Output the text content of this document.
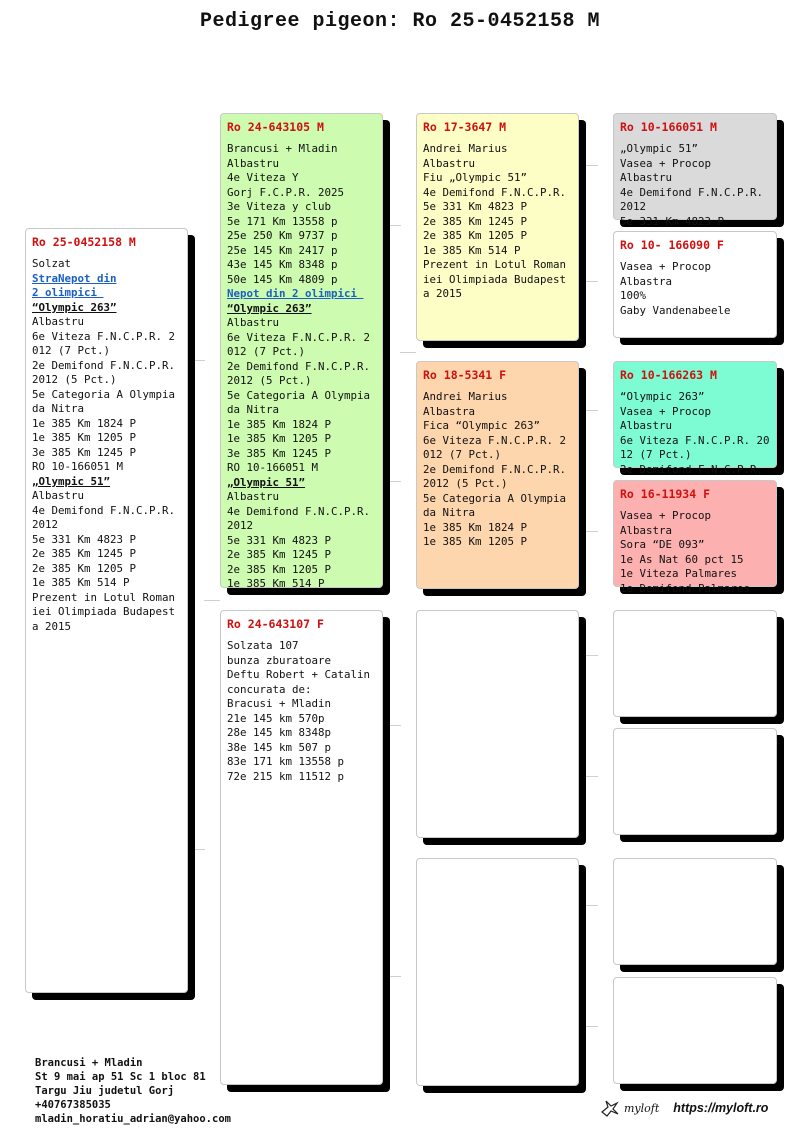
Pedigree pigeon: Ro 25-0452158 M
Ro 25-0452158 M
Solzat
StraNepot din
2 olimpici
“Olympic 263”
Albastru
6e Viteza F.N.C.P.R. 2012 (7 Pct.)
2e Demifond F.N.C.P.R. 2012 (5 Pct.)
5e Categoria A Olympiada Nitra
1e 385 Km 1824 P
1e 385 Km 1205 P
3e 385 Km 1245 P
RO 10-166051 M
„Olympic 51”
Albastru
4e Demifond F.N.C.P.R. 2012
5e 331 Km 4823 P
2e 385 Km 1245 P
2e 385 Km 1205 P
1e 385 Km 514 P
Prezent in Lotul Romaniei Olimpiada Budapesta 2015
Ro 24-643105 M
Brancusi + Mladin
Albastru
4e Viteza Y
Gorj F.C.P.R. 2025
3e Viteza y club
5e 171 Km 13558 p
25e 250 Km 9737 p
25e 145 Km 2417 p
43e 145 Km 8348 p
50e 145 Km 4809 p
Nepot din 2 olimpici
“Olympic 263”
Albastru
6e Viteza F.N.C.P.R. 2012 (7 Pct.)
2e Demifond F.N.C.P.R. 2012 (5 Pct.)
5e Categoria A Olympiada Nitra
1e 385 Km 1824 P
1e 385 Km 1205 P
3e 385 Km 1245 P
RO 10-166051 M
„Olympic 51”
Albastru
4e Demifond F.N.C.P.R. 2012
5e 331 Km 4823 P
2e 385 Km 1245 P
2e 385 Km 1205 P
1e 385 Km 514 P
Ro 24-643107 F
Solzata 107
bunza zburatoare
Deftu Robert + Catalin
concurata de:
Bracusi + Mladin
21e 145 km 570p
28e 145 km 8348p
38e 145 km 507 p
83e 171 km 13558 p
72e 215 km 11512 p
Ro 17-3647 M
Andrei Marius
Albastru
Fiu „Olympic 51”
4e Demifond F.N.C.P.R.
5e 331 Km 4823 P
2e 385 Km 1245 P
2e 385 Km 1205 P
1e 385 Km 514 P
Prezent in Lotul Romaniei Olimpiada Budapesta 2015
Ro 18-5341 F
Andrei Marius
Albastra
Fica “Olympic 263”
6e Viteza F.N.C.P.R. 2012 (7 Pct.)
2e Demifond F.N.C.P.R. 2012 (5 Pct.)
5e Categoria A Olympiada Nitra
1e 385 Km 1824 P
1e 385 Km 1205 P
Ro 10-166051 M
„Olympic 51”
Vasea + Procop
Albastru
4e Demifond F.N.C.P.R. 2012
5e 331 Km 4823 P
Ro 10- 166090 F
Vasea + Procop
Albastra
100%
Gaby Vandenabeele
Ro 10-166263 M
“Olympic 263”
Vasea + Procop
Albastru
6e Viteza F.N.C.P.R. 2012 (7 Pct.)
2e Demifond F.N.C.P.R.
Ro 16-11934 F
Vasea + Procop
Albastra
Sora “DE 093”
1e As Nat 60 pct 15
1e Viteza Palmares
1e Demifond Palmares
Brancusi + Mladin
St 9 mai ap 51 Sc 1 bloc 81
Targu Jiu judetul Gorj
+40767385035
mladin_horatiu_adrian@yahoo.com
myloft https://myloft.ro
